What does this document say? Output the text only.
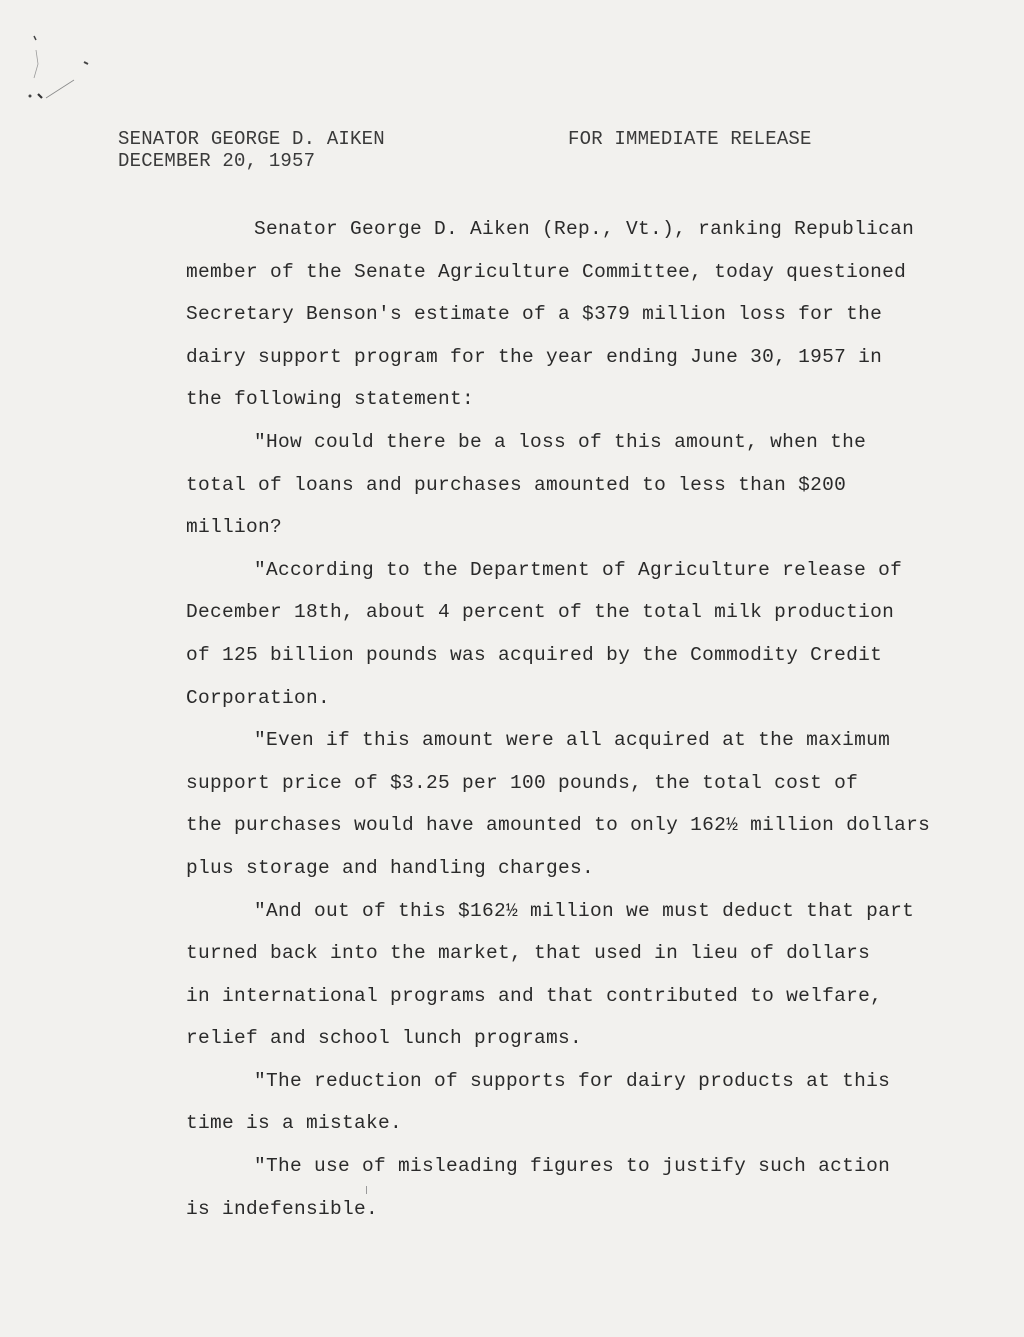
SENATOR GEORGE D. AIKEN
DECEMBER 20, 1957
FOR IMMEDIATE RELEASE

Senator George D. Aiken (Rep., Vt.), ranking Republican
member of the Senate Agriculture Committee, today questioned
Secretary Benson's estimate of a $379 million loss for the
dairy support program for the year ending June 30, 1957 in
the following statement:

"How could there be a loss of this amount, when the
total of loans and purchases amounted to less than $200
million?

"According to the Department of Agriculture release of
December 18th, about 4 percent of the total milk production
of 125 billion pounds was acquired by the Commodity Credit
Corporation.

"Even if this amount were all acquired at the maximum
support price of $3.25 per 100 pounds, the total cost of
the purchases would have amounted to only 162½ million dollars
plus storage and handling charges.

"And out of this $162½ million we must deduct that part
turned back into the market, that used in lieu of dollars
in international programs and that contributed to welfare,
relief and school lunch programs.

"The reduction of supports for dairy products at this
time is a mistake.

"The use of misleading figures to justify such action
is indefensible.
